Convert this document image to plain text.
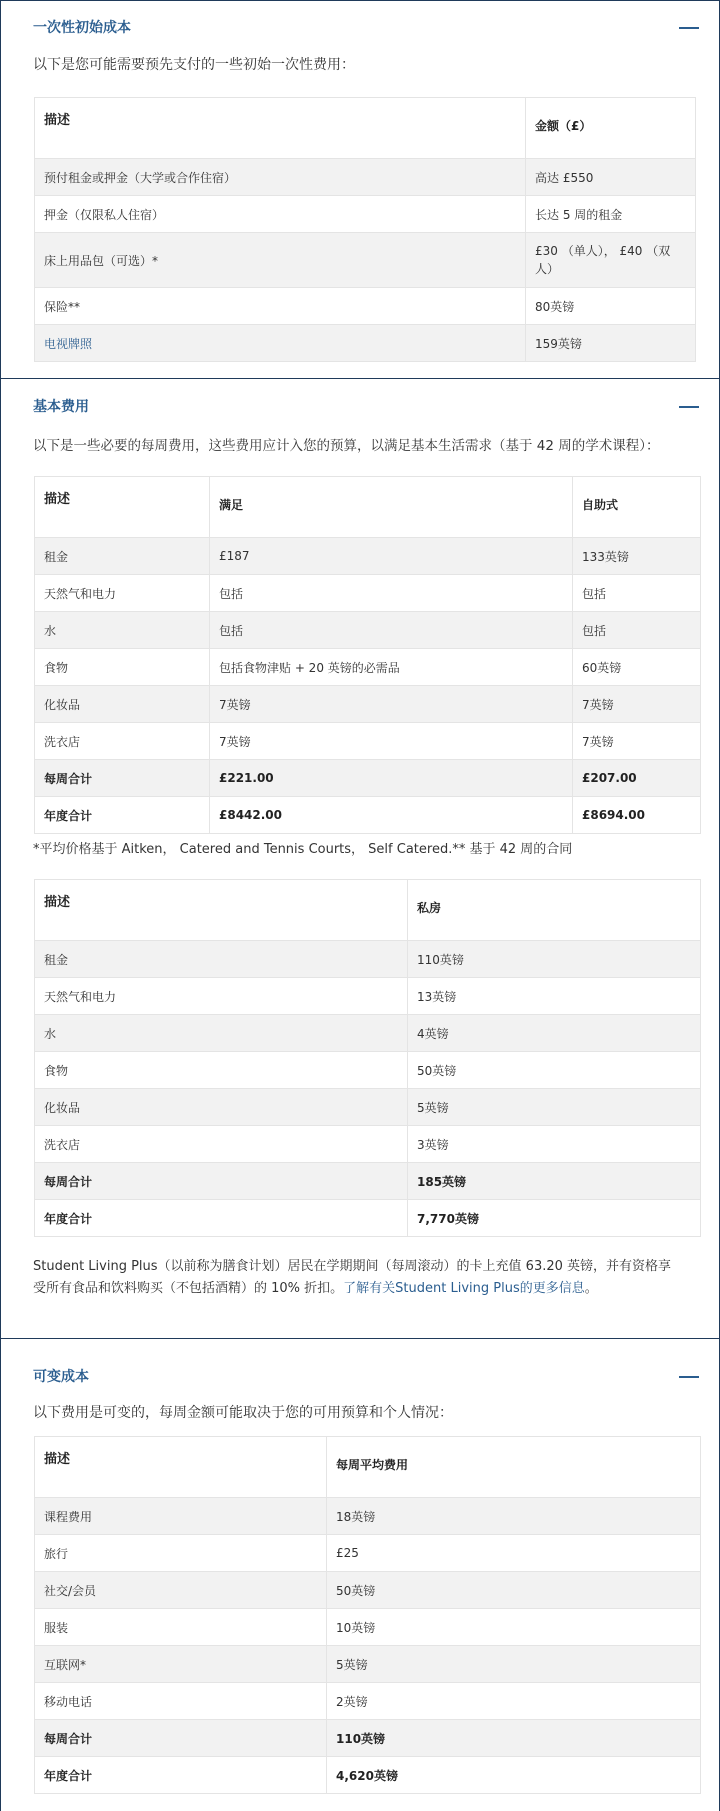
一次性初始成本
以下是您可能需要预先支付的一些初始一次性费用：
描述	金额（£）

预付租金或押金（大学或合作住宿）	高达 £550
押金（仅限私人住宿）	长达 5 周的租金
床上用品包（可选）*	£30 （单人）， £40 （双人）
保险**	80英镑
电视牌照	159英镑
基本费用
以下是一些必要的每周费用，这些费用应计入您的预算，以满足基本生活需求（基于 42 周的学术课程）：
描述	满足	自助式

租金	£187	133英镑
天然气和电力	包括	包括
水	包括	包括
食物	包括食物津贴 + 20 英镑的必需品	60英镑
化妆品	7英镑	7英镑
洗衣店	7英镑	7英镑
每周合计	£221.00	£207.00
年度合计	£8442.00	£8694.00
*平均价格基于 Aitken， Catered and Tennis Courts， Self Catered.** 基于 42 周的合同
描述	私房

租金	110英镑
天然气和电力	13英镑
水	4英镑
食物	50英镑
化妆品	5英镑
洗衣店	3英镑
每周合计	185英镑
年度合计	7,770英镑
Student Living Plus（以前称为膳食计划）居民在学期期间（每周滚动）的卡上充值 63.20 英镑，并有资格享
受所有食品和饮料购买（不包括酒精）的 10% 折扣。了解有关Student Living Plus的更多信息。
可变成本
以下费用是可变的，每周金额可能取决于您的可用预算和个人情况：
描述	每周平均费用

课程费用	18英镑
旅行	£25
社交/会员	50英镑
服装	10英镑
互联网*	5英镑
移动电话	2英镑
每周合计	110英镑
年度合计	4,620英镑
